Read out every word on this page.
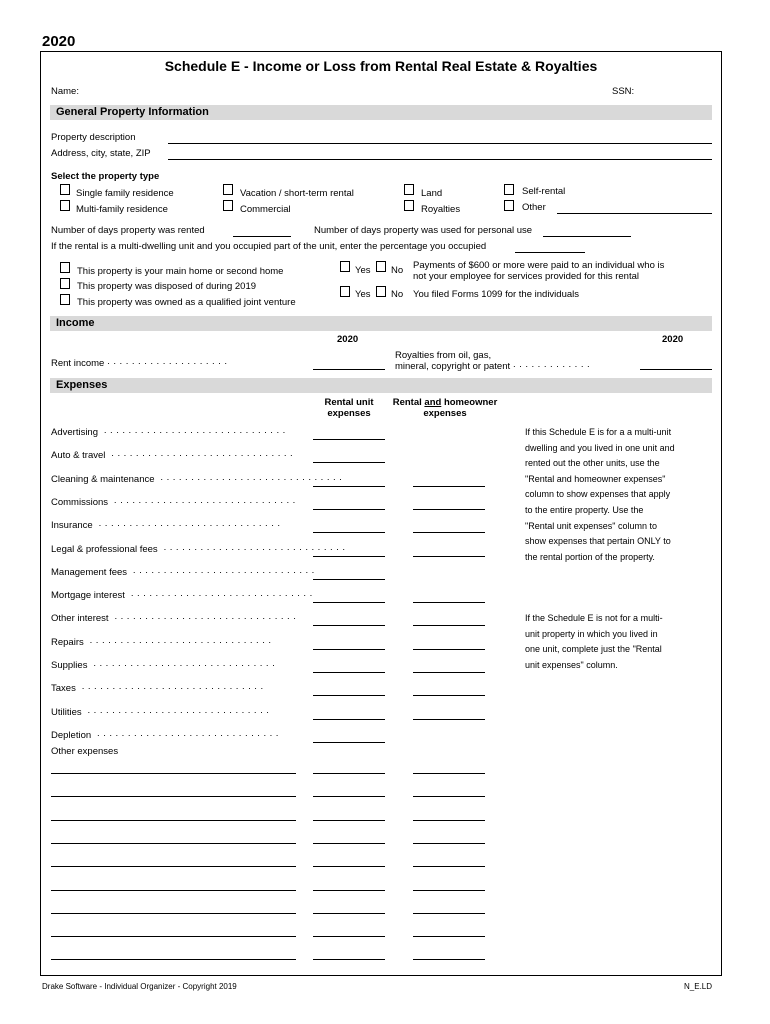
2020
Schedule E - Income or Loss from Rental Real Estate & Royalties
Name:	SSN:
General Property Information
Property description
Address, city, state, ZIP
Select the property type
Single family residence
Multi-family residence
Vacation / short-term rental
Commercial
Land
Royalties
Self-rental
Other
Number of days property was rented	Number of days property was used for personal use
If the rental is a multi-dwelling unit and you occupied part of the unit, enter the percentage you occupied
This property is your main home or second home
This property was disposed of during 2019
This property was owned as a qualified joint venture
Yes No Payments of $600 or more were paid to an individual who is
not your employee for services provided for this rental
Yes No You filed Forms 1099 for the individuals
Income
2020	2020
Rent income ····················
Royalties from oil, gas,
mineral, copyright or patent ·············
Expenses
Rental unit
expenses
Rental and homeowner
expenses
Advertising ······························
Auto & travel ······························
Cleaning & maintenance ······························
Commissions ······························
Insurance ······························
Legal & professional fees ······························
Management fees ······························
Mortgage interest ······························
Other interest ······························
Repairs ······························
Supplies ······························
Taxes ······························
Utilities ······························
Depletion ······························
Other expenses
If this Schedule E is for a a multi-unit dwelling and you lived in one unit and rented out the other units, use the "Rental and homeowner expenses" column to show expenses that apply to the entire property. Use the "Rental unit expenses" column to show expenses that pertain ONLY to the rental portion of the property.
If the Schedule E is not for a multi-unit property in which you lived in one unit, complete just the "Rental unit expenses" column.
Drake Software - Individual Organizer - Copyright 2019	N_E.LD
